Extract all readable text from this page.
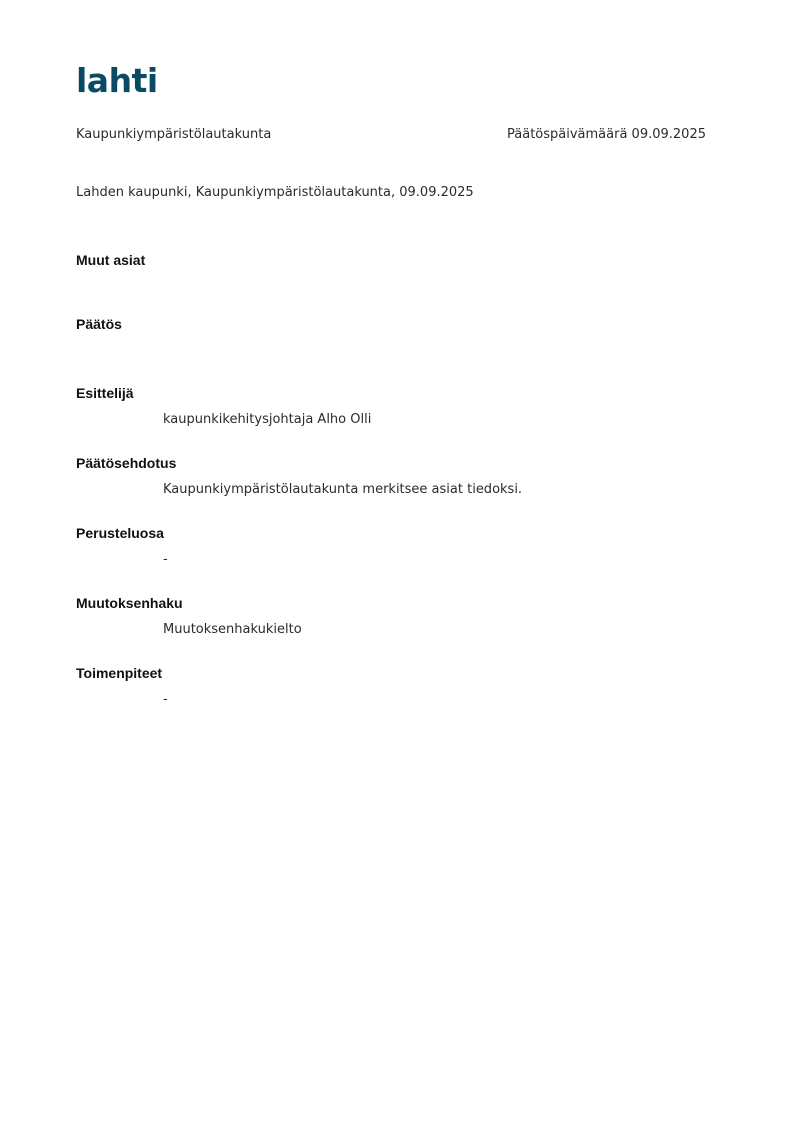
lahti
Kaupunkiympäristölautakunta	Päätöspäivämäärä 09.09.2025
Lahden kaupunki, Kaupunkiympäristölautakunta, 09.09.2025
Muut asiat
Päätös
Esittelijä
kaupunkikehitysjohtaja Alho Olli
Päätösehdotus
Kaupunkiympäristölautakunta merkitsee asiat tiedoksi.
Perusteluosa
-
Muutoksenhaku
Muutoksenhakukielto
Toimenpiteet
-
